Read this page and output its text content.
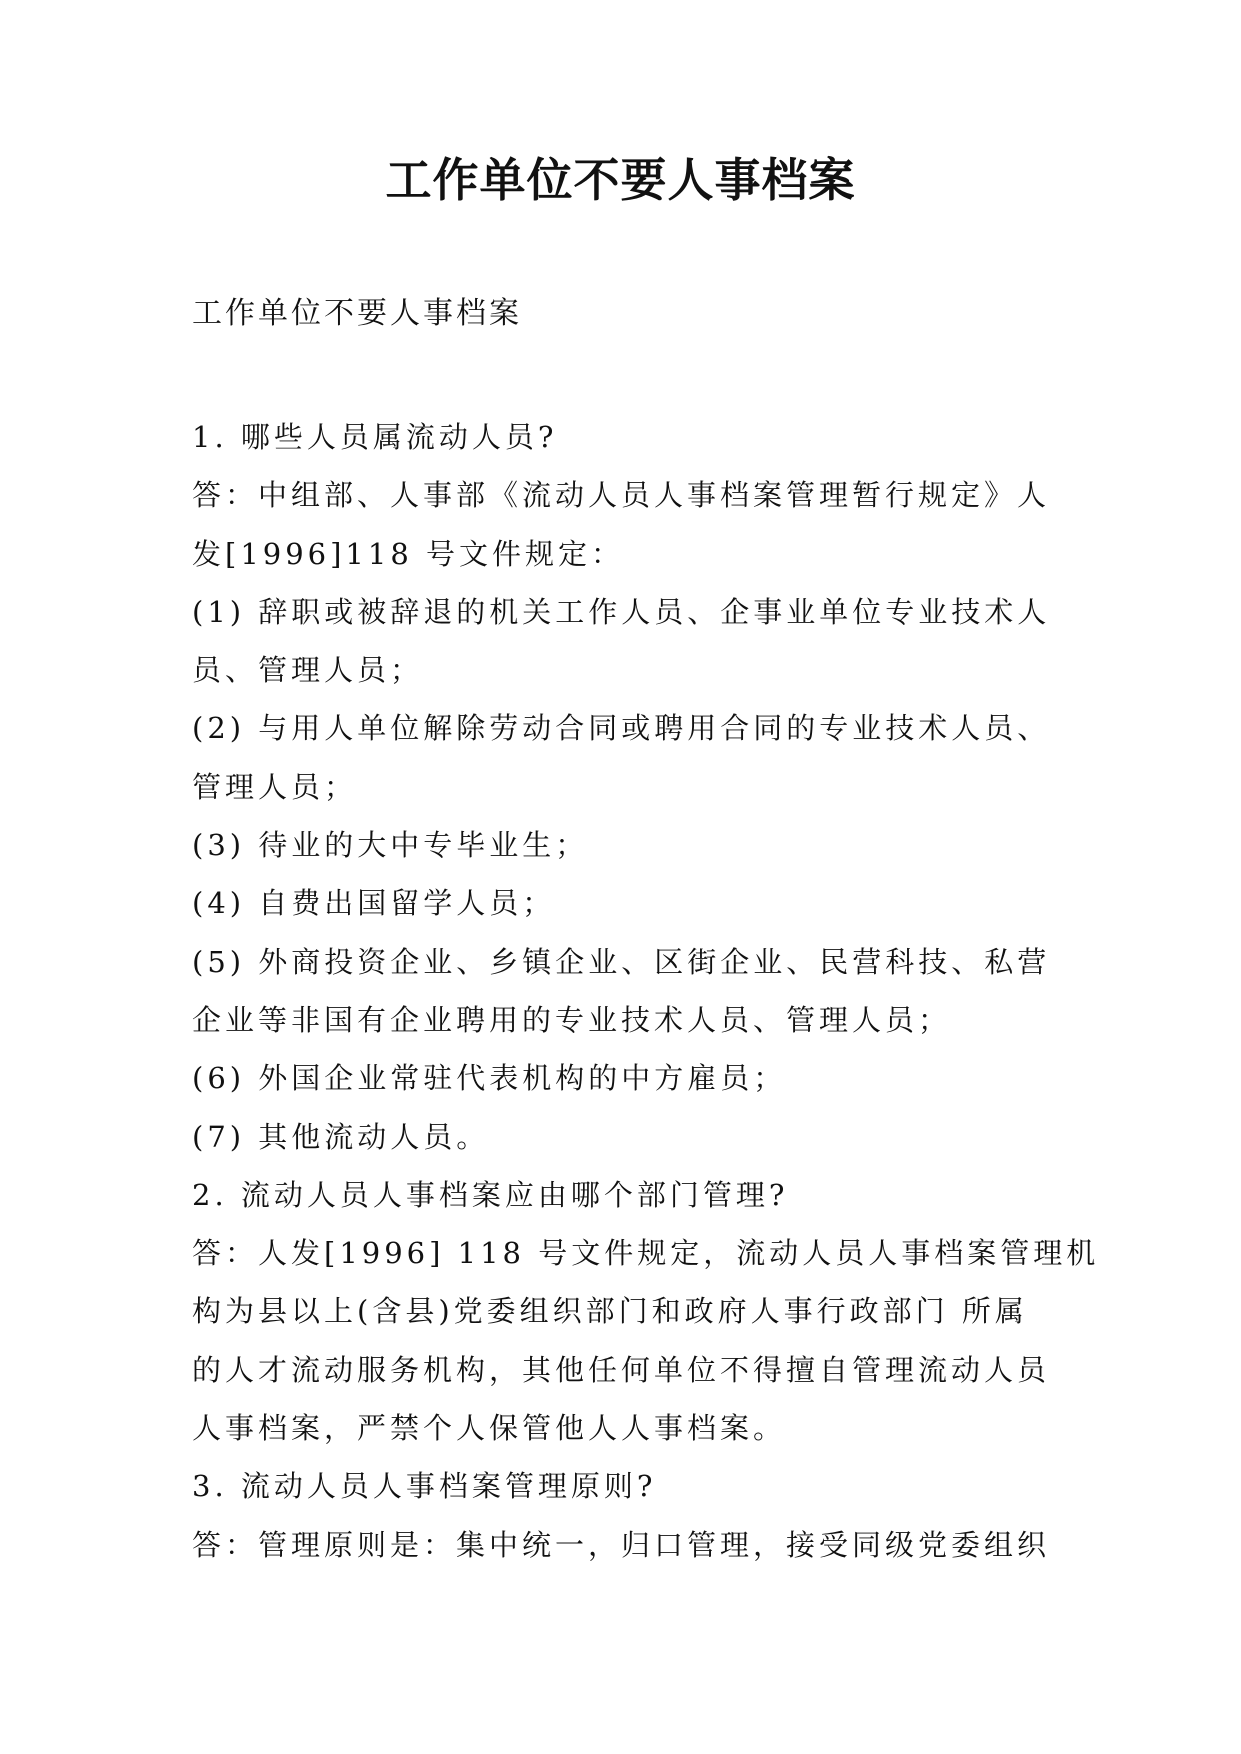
工作单位不要人事档案

工作单位不要人事档案

1. 哪些人员属流动人员?

答：中组部、人事部《流动人员人事档案管理暂行规定》人

发[1996]118 号文件规定：

(1) 辞职或被辞退的机关工作人员、企事业单位专业技术人

员、管理人员；

(2) 与用人单位解除劳动合同或聘用合同的专业技术人员、

管理人员；

(3) 待业的大中专毕业生；

(4) 自费出国留学人员；

(5) 外商投资企业、乡镇企业、区街企业、民营科技、私营

企业等非国有企业聘用的专业技术人员、管理人员；

(6) 外国企业常驻代表机构的中方雇员；

(7) 其他流动人员。

2. 流动人员人事档案应由哪个部门管理?

答：人发[1996] 118 号文件规定，流动人员人事档案管理机

构为县以上(含县)党委组织部门和政府人事行政部门 所属

的人才流动服务机构，其他任何单位不得擅自管理流动人员

人事档案，严禁个人保管他人人事档案。

3. 流动人员人事档案管理原则?

答：管理原则是：集中统一，归口管理，接受同级党委组织
